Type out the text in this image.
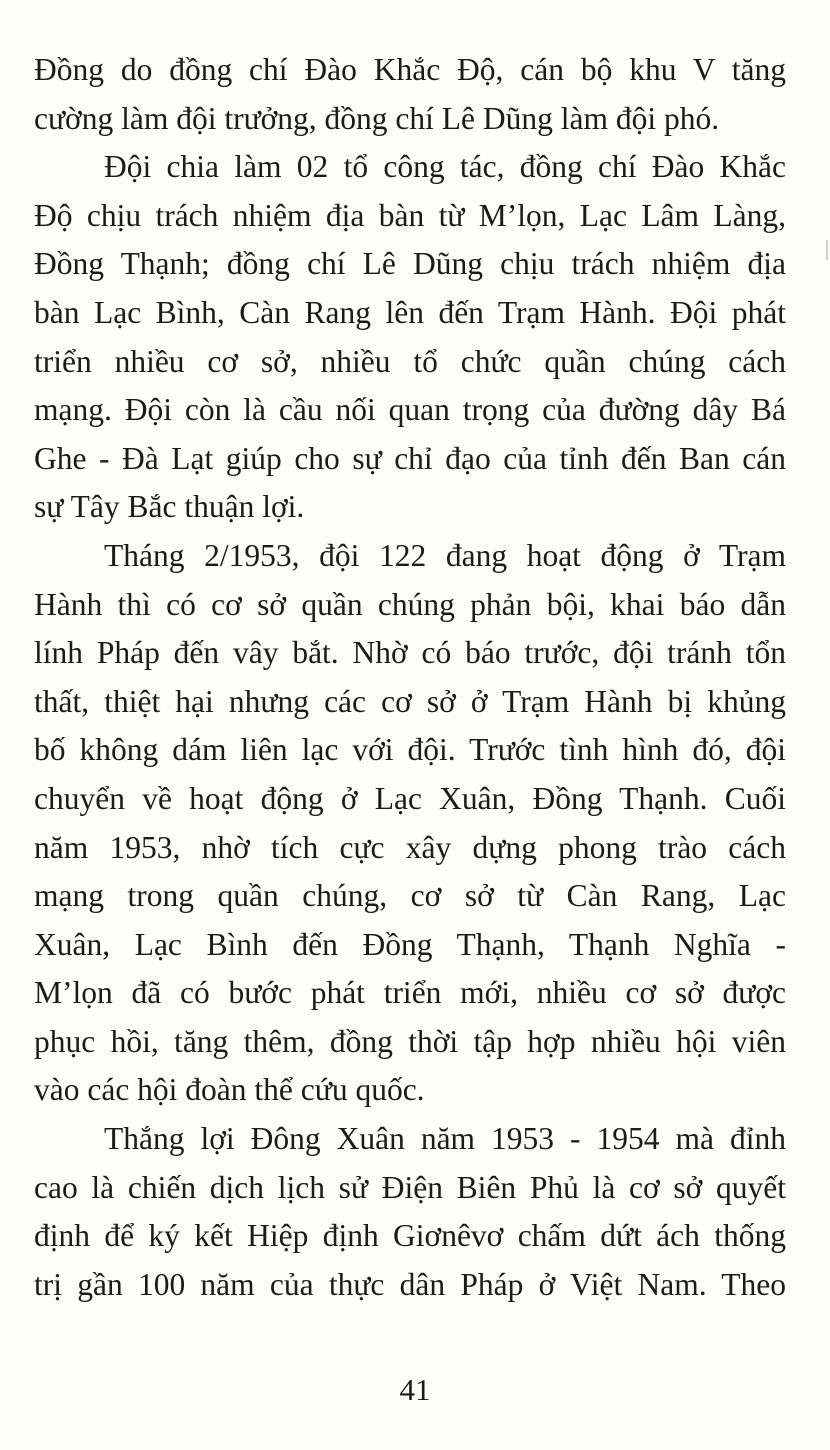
Đồng do đồng chí Đào Khắc Độ, cán bộ khu V tăng
cường làm đội trưởng, đồng chí Lê Dũng làm đội phó.
Đội chia làm 02 tổ công tác, đồng chí Đào Khắc
Độ chịu trách nhiệm địa bàn từ M’lọn, Lạc Lâm Làng,
Đồng Thạnh; đồng chí Lê Dũng chịu trách nhiệm địa
bàn Lạc Bình, Càn Rang lên đến Trạm Hành. Đội phát
triển nhiều cơ sở, nhiều tổ chức quần chúng cách
mạng. Đội còn là cầu nối quan trọng của đường dây Bá
Ghe - Đà Lạt giúp cho sự chỉ đạo của tỉnh đến Ban cán
sự Tây Bắc thuận lợi.
Tháng 2/1953, đội 122 đang hoạt động ở Trạm
Hành thì có cơ sở quần chúng phản bội, khai báo dẫn
lính Pháp đến vây bắt. Nhờ có báo trước, đội tránh tổn
thất, thiệt hại nhưng các cơ sở ở Trạm Hành bị khủng
bố không dám liên lạc với đội. Trước tình hình đó, đội
chuyển về hoạt động ở Lạc Xuân, Đồng Thạnh. Cuối
năm 1953, nhờ tích cực xây dựng phong trào cách
mạng trong quần chúng, cơ sở từ Càn Rang, Lạc
Xuân, Lạc Bình đến Đồng Thạnh, Thạnh Nghĩa -
M’lọn đã có bước phát triển mới, nhiều cơ sở được
phục hồi, tăng thêm, đồng thời tập hợp nhiều hội viên
vào các hội đoàn thể cứu quốc.
Thắng lợi Đông Xuân năm 1953 - 1954 mà đỉnh
cao là chiến dịch lịch sử Điện Biên Phủ là cơ sở quyết
định để ký kết Hiệp định Giơnêvơ chấm dứt ách thống
trị gần 100 năm của thực dân Pháp ở Việt Nam. Theo
41
